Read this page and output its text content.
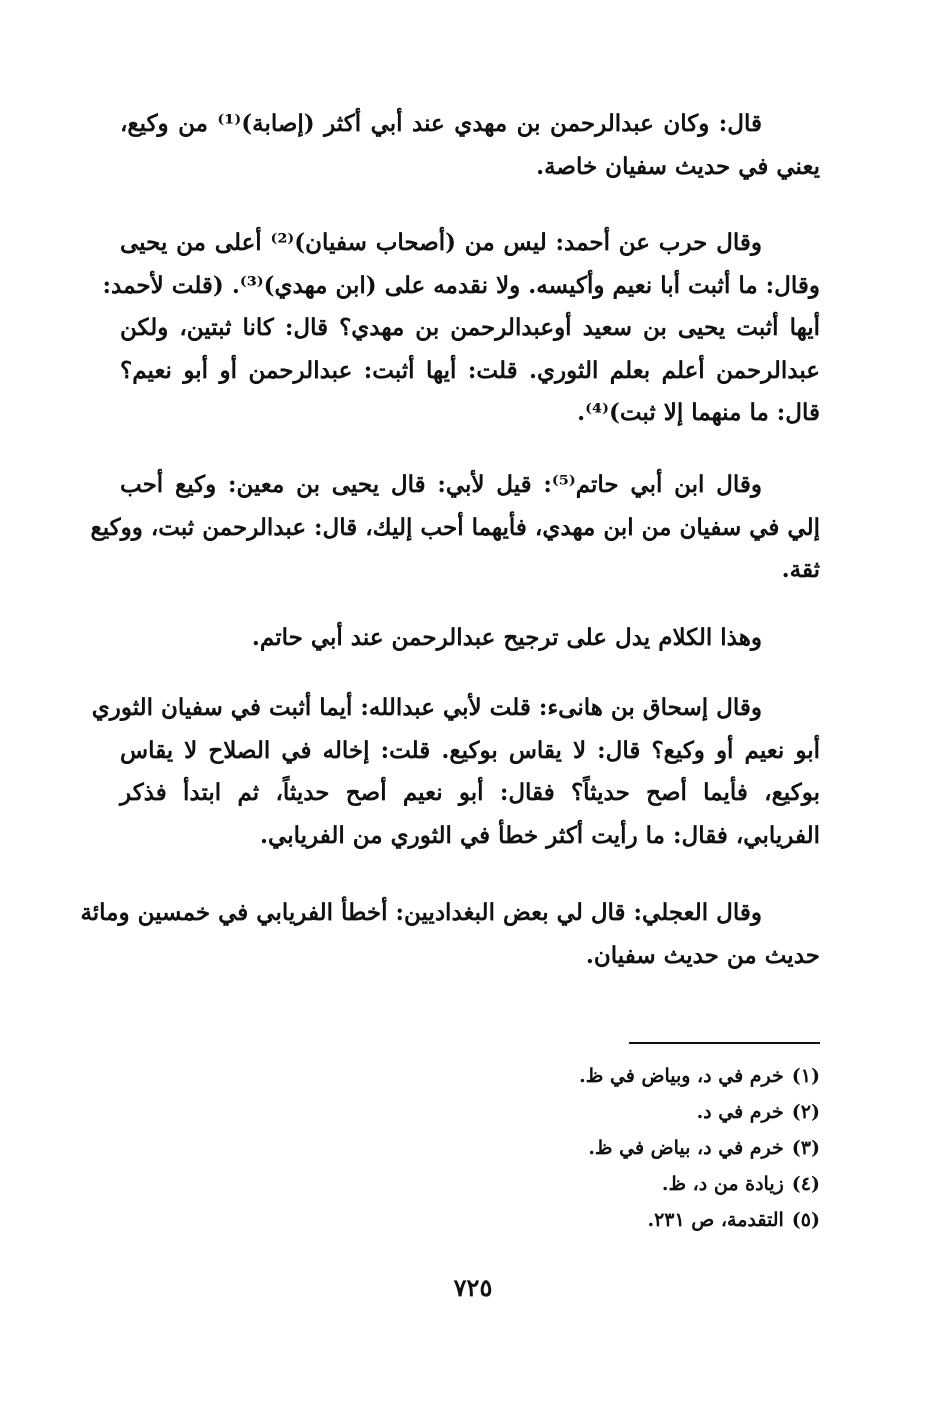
قال: وكان عبدالرحمن بن مهدي عند أبي أكثر (إصابة)⁽¹⁾ من وكيع،
يعني في حديث سفيان خاصة.

وقال حرب عن أحمد: ليس من (أصحاب سفيان)⁽²⁾ أعلى من يحيى
وقال: ما أثبت أبا نعيم وأكيسه. ولا نقدمه على (ابن مهدي)⁽³⁾. (قلت لأحمد:
أيها أثبت يحيى بن سعيد أوعبدالرحمن بن مهدي؟ قال: كانا ثبتين، ولكن
عبدالرحمن أعلم بعلم الثوري. قلت: أيها أثبت: عبدالرحمن أو أبو نعيم؟
قال: ما منهما إلا ثبت)⁽⁴⁾.

وقال ابن أبي حاتم⁽⁵⁾: قيل لأبي: قال يحيى بن معين: وكيع أحب
إلي في سفيان من ابن مهدي، فأيهما أحب إليك، قال: عبدالرحمن ثبت، ووكيع
ثقة.

وهذا الكلام يدل على ترجيح عبدالرحمن عند أبي حاتم.

وقال إسحاق بن هانىء: قلت لأبي عبدالله: أيما أثبت في سفيان الثوري
أبو نعيم أو وكيع؟ قال: لا يقاس بوكيع. قلت: إخاله في الصلاح لا يقاس
بوكيع، فأيما أصح حديثاً؟ فقال: أبو نعيم أصح حديثاً، ثم ابتدأ فذكر
الفريابي، فقال: ما رأيت أكثر خطأ في الثوري من الفريابي.

وقال العجلي: قال لي بعض البغداديين: أخطأ الفريابي في خمسين ومائة
حديث من حديث سفيان.

(١)خرم في د، وبياض في ظ.
(٢)خرم في د.
(٣)خرم في د، بياض في ظ.
(٤)زيادة من د، ظ.
(٥)التقدمة، ص ٢٣١.
٧٢٥
